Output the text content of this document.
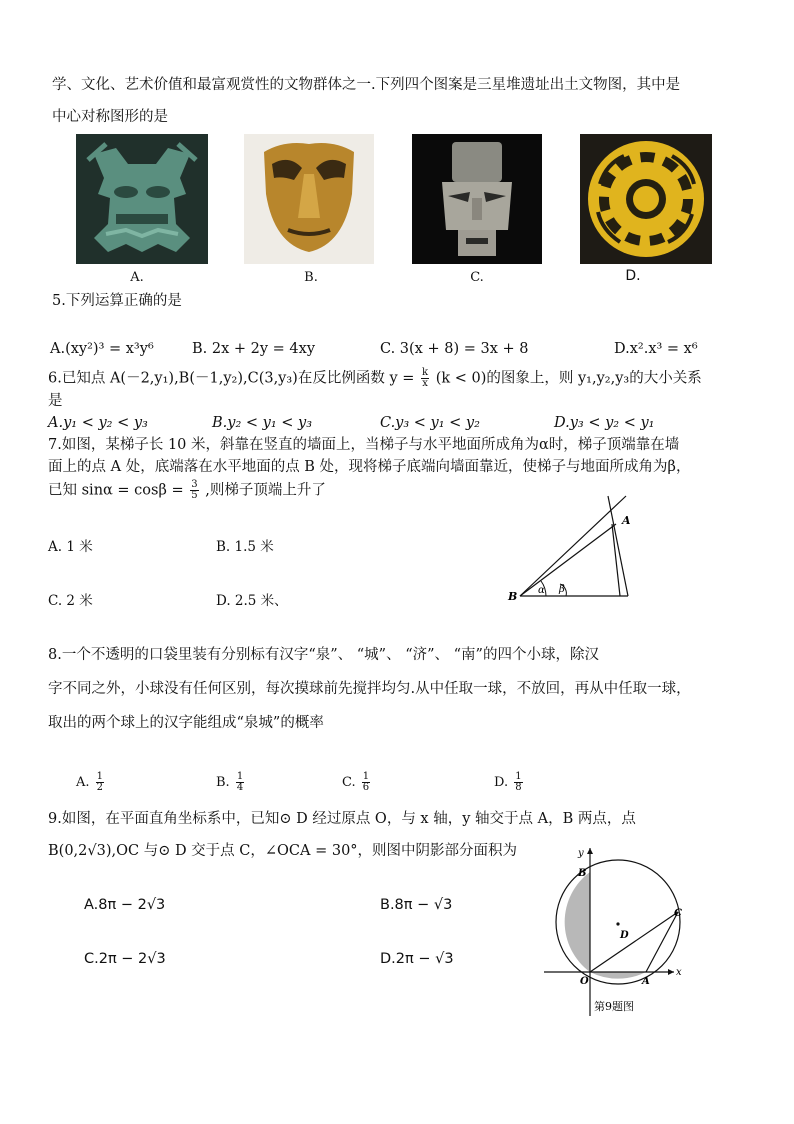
学、文化、艺术价值和最富观赏性的文物群体之一.下列四个图案是三星堆遗址出土文物图，其中是
中心对称图形的是
A.	B.	C.	D.
5.下列运算正确的是
A.(xy²)³ = x³y⁶	B. 2x + 2y = 4xy	C. 3(x + 8) = 3x + 8	D.x².x³ = x⁶
6.已知点 A(－2,y₁),B(－1,y₂),C(3,y₃)在反比例函数 $y = \frac{k}{x} (k < 0)$的图象上，则 y₁,y₂,y₃的大小关系
是
A.y₁ < y₂ < y₃	B.y₂ < y₁ < y₃	C.y₃ < y₁ < y₂	D.y₃ < y₂ < y₁
7.如图，某梯子长 10 米，斜靠在竖直的墙面上，当梯子与水平地面所成角为α时，梯子顶端靠在墙
面上的点 A 处，底端落在水平地面的点 B 处，现将梯子底端向墙面靠近，使梯子与地面所成角为β，
已知 $\sin\alpha = \cos\beta = \frac{3}{5}$ ,则梯子顶端上升了
A. 1 米	B. 1.5 米
C. 2 米	D. 2.5 米、	B
A
α β
8.一个不透明的口袋里装有分别标有汉字“泉”、 “城”、 “济”、 “南”的四个小球，除汉
字不同之外，小球没有任何区别，每次摸球前先搅拌均匀.从中任取一球，不放回，再从中任取一球，
取出的两个球上的汉字能组成“泉城”的概率
A. $\frac{1}{2}$	B. $\frac{1}{4}$	C. $\frac{1}{6}$	D. $\frac{1}{8}$
9.如图，在平面直角坐标系中，已知⊙ D 经过原点 O，与 x 轴，y 轴交于点 A，B 两点，点
B(0,2√3),OC 与⊙ D 交于点 C，∠OCA = 30°，则图中阴影部分面积为
A.8π − 2√3	B.8π − √3
C.2π − 2√3	D.2π − √3
y
B
C
D
O	A
x
第9题图
